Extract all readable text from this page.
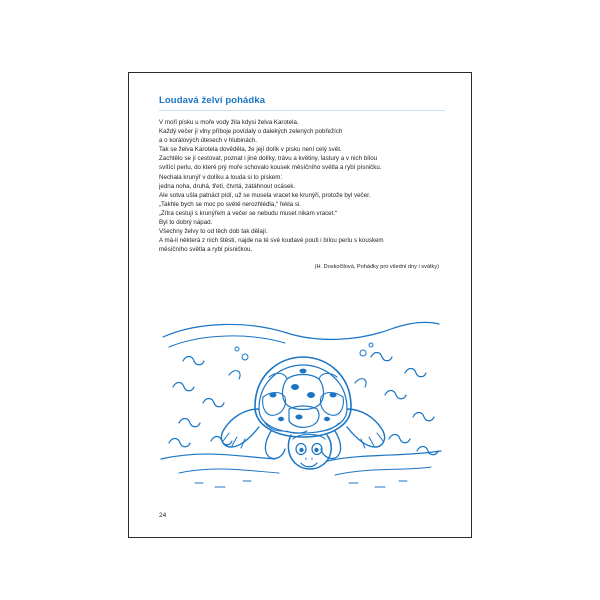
Loudavá želví pohádka
V moři písku u moře vody žila kdysi želva Karotela.
Každý večer jí vlny příboje povídaly o dalekých zelených pobřežích
a o korálových útesech v hlubinách.
Tak se želva Karotela dověděla, že její dolík v písku není celý svět.
Zachtělo se jí cestovat, poznat i jiné dolíky, trávu a květiny, lastury a v nich bílou
svítící perlu, do které prý moře schovalo kousek měsíčního světla a rybí písničku.
Nechala krunýř v dolíku a louda si to pískem:
jedna noha, druhá, třetí, čtvrtá, zatáhnout ocásek.
Ale sotva ušla patnáct pídí, už se musela vracet ke krunýři, protože byl večer.
„Takhle bych se moc po světě nerozhlédla,“ řekla si.
„Zítra cestuji s krunýřem a večer se nebudu muset nikam vracet.“
Byl to dobrý nápad.
Všechny želvy to od těch dob tak dělají.
A má-li některá z nich štěstí, najde na té své loudavé pouti i bílou perlu s kouskem
měsíčního světla a rybí písničkou.
(H. Doskočilová, Pohádky pro všední dny i svátky)
24
